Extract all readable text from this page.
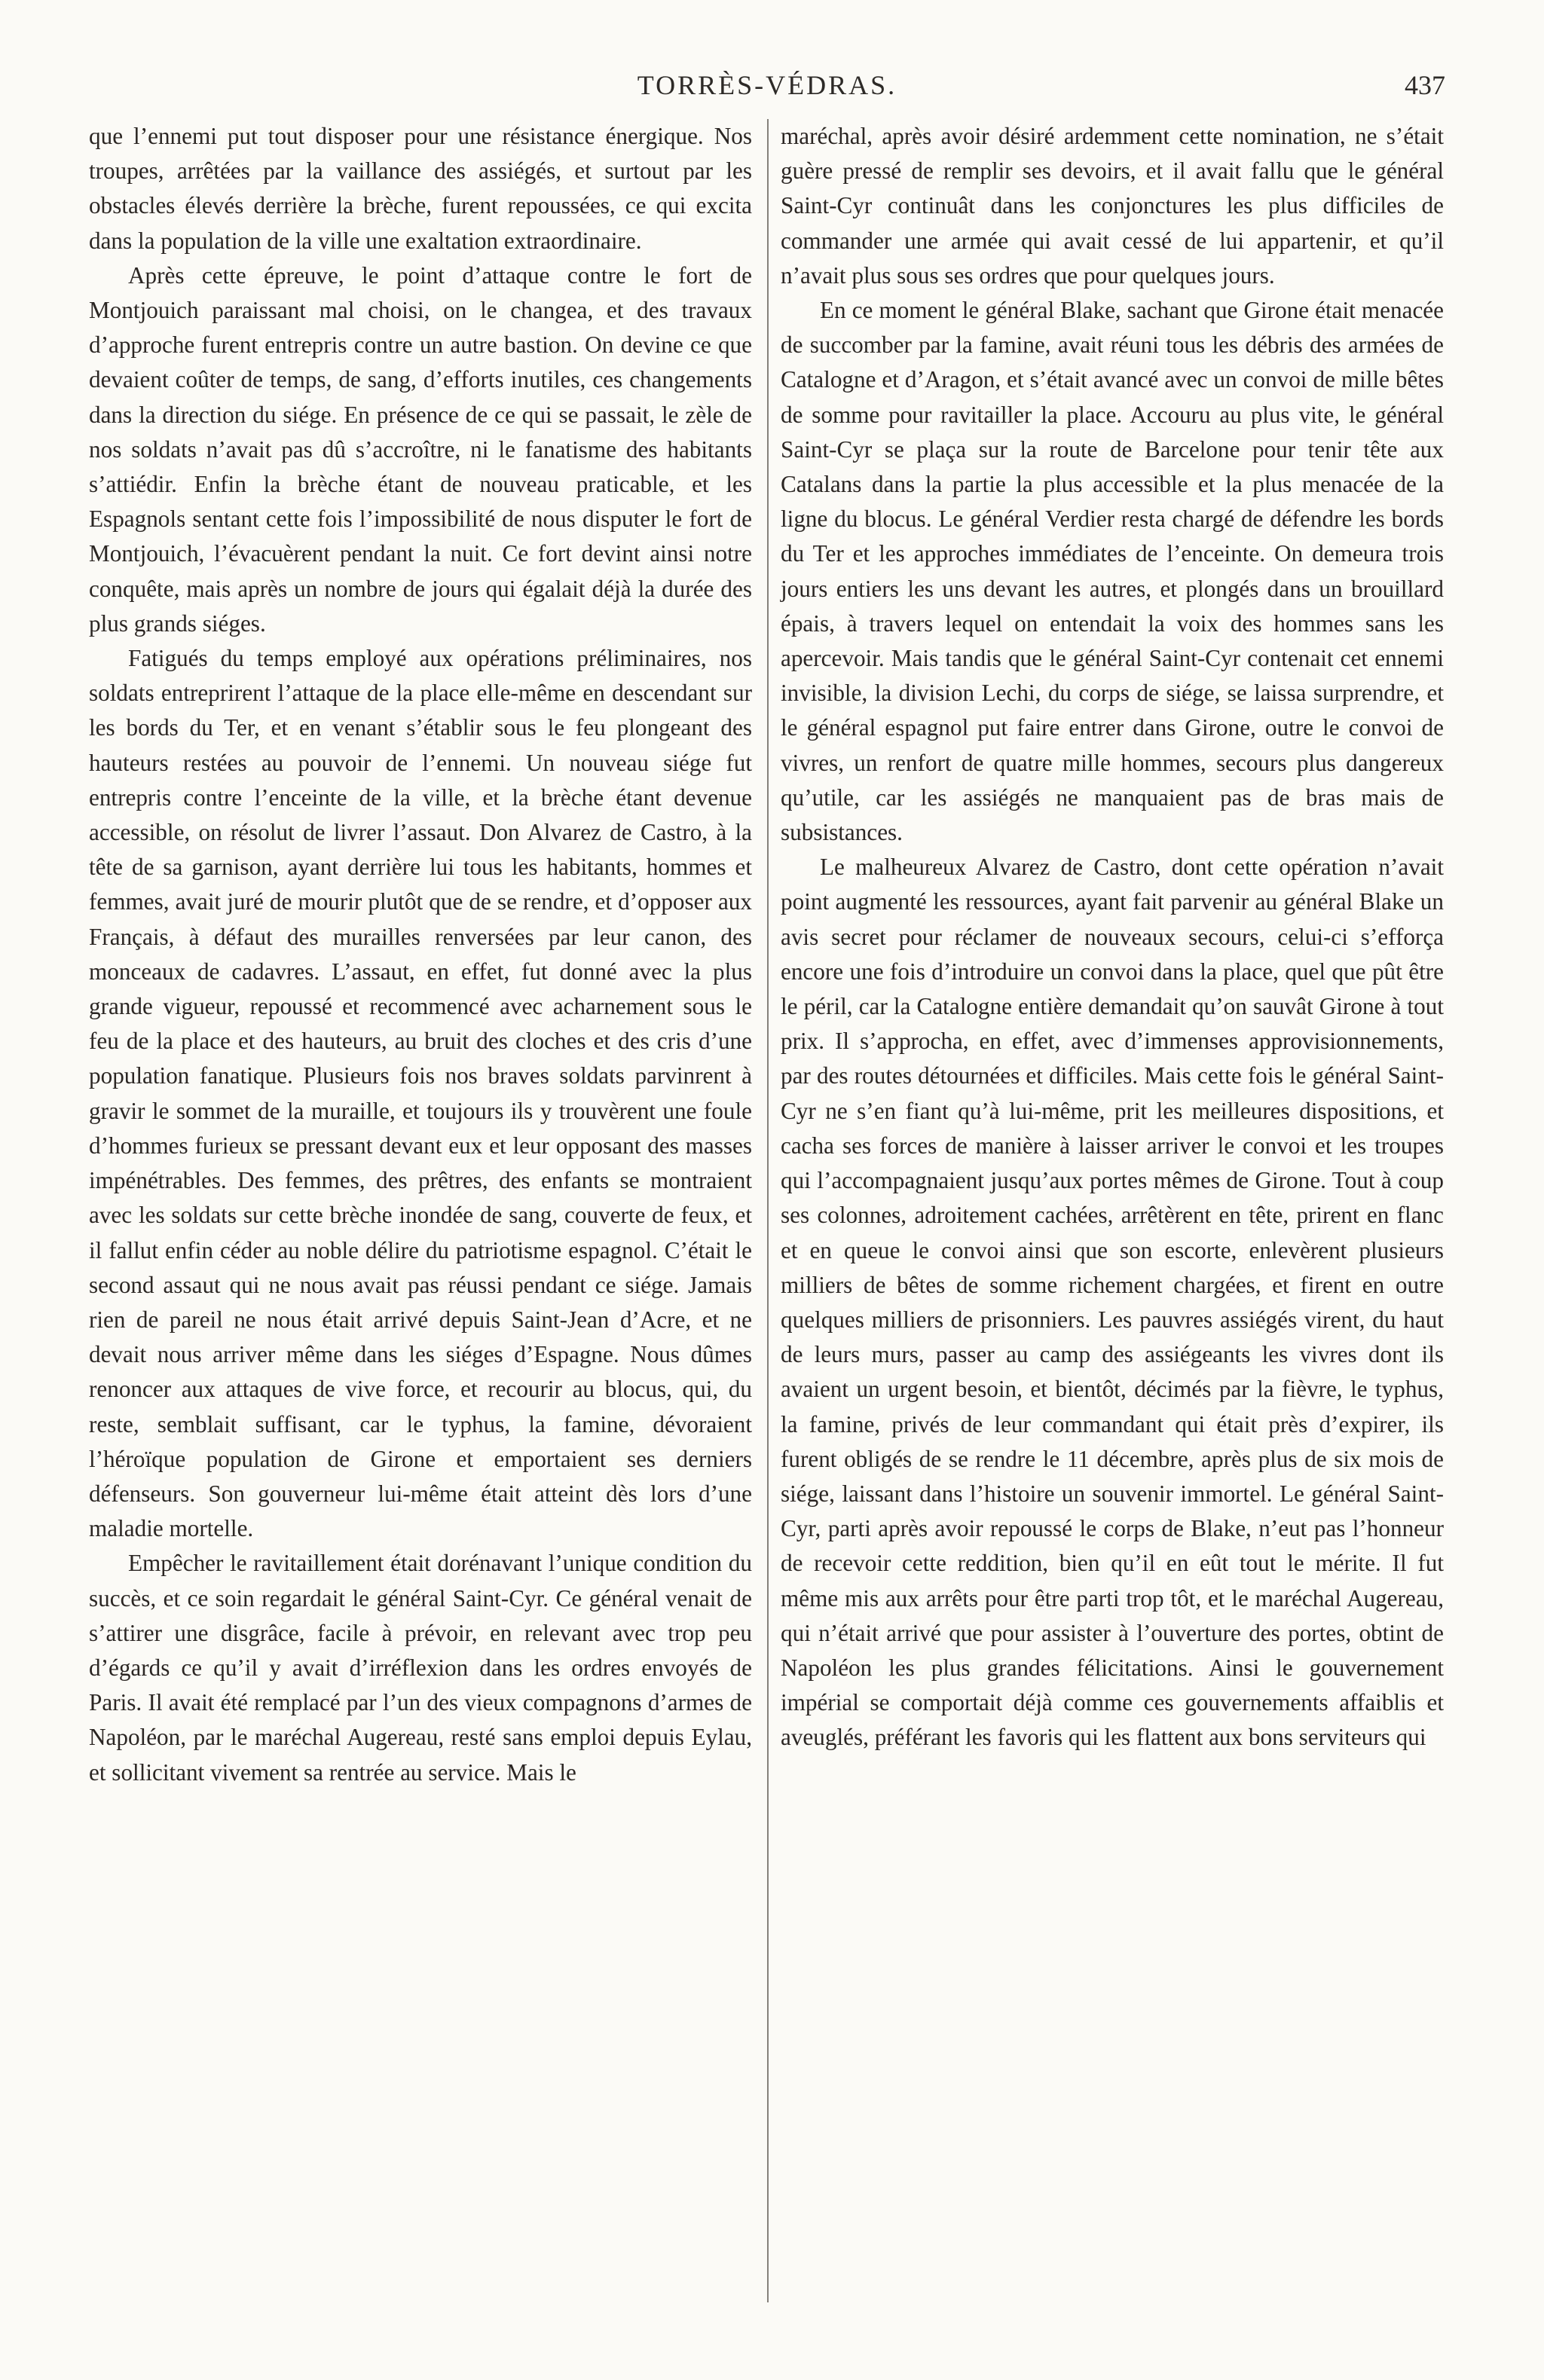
TORRÈS-VÉDRAS.	437

que l’ennemi put tout disposer pour une résistance énergique. Nos troupes, arrêtées par la vaillance des assiégés, et surtout par les obstacles élevés derrière la brèche, furent repoussées, ce qui excita dans la population de la ville une exaltation extraordinaire.

Après cette épreuve, le point d’attaque contre le fort de Montjouich paraissant mal choisi, on le changea, et des travaux d’approche furent entrepris contre un autre bastion. On devine ce que devaient coûter de temps, de sang, d’efforts inutiles, ces changements dans la direction du siége. En présence de ce qui se passait, le zèle de nos soldats n’avait pas dû s’accroître, ni le fanatisme des habitants s’attiédir. Enfin la brèche étant de nouveau praticable, et les Espagnols sentant cette fois l’impossibilité de nous disputer le fort de Montjouich, l’évacuèrent pendant la nuit. Ce fort devint ainsi notre conquête, mais après un nombre de jours qui égalait déjà la durée des plus grands siéges.

Fatigués du temps employé aux opérations préliminaires, nos soldats entreprirent l’attaque de la place elle-même en descendant sur les bords du Ter, et en venant s’établir sous le feu plongeant des hauteurs restées au pouvoir de l’ennemi. Un nouveau siége fut entrepris contre l’enceinte de la ville, et la brèche étant devenue accessible, on résolut de livrer l’assaut. Don Alvarez de Castro, à la tête de sa garnison, ayant derrière lui tous les habitants, hommes et femmes, avait juré de mourir plutôt que de se rendre, et d’opposer aux Français, à défaut des murailles renversées par leur canon, des monceaux de cadavres. L’assaut, en effet, fut donné avec la plus grande vigueur, repoussé et recommencé avec acharnement sous le feu de la place et des hauteurs, au bruit des cloches et des cris d’une population fanatique. Plusieurs fois nos braves soldats parvinrent à gravir le sommet de la muraille, et toujours ils y trouvèrent une foule d’hommes furieux se pressant devant eux et leur opposant des masses impénétrables. Des femmes, des prêtres, des enfants se montraient avec les soldats sur cette brèche inondée de sang, couverte de feux, et il fallut enfin céder au noble délire du patriotisme espagnol. C’était le second assaut qui ne nous avait pas réussi pendant ce siége. Jamais rien de pareil ne nous était arrivé depuis Saint-Jean d’Acre, et ne devait nous arriver même dans les siéges d’Espagne. Nous dûmes renoncer aux attaques de vive force, et recourir au blocus, qui, du reste, semblait suffisant, car le typhus, la famine, dévoraient l’héroïque population de Girone et emportaient ses derniers défenseurs. Son gouverneur lui-même était atteint dès lors d’une maladie mortelle.

Empêcher le ravitaillement était dorénavant l’unique condition du succès, et ce soin regardait le général Saint-Cyr. Ce général venait de s’attirer une disgrâce, facile à prévoir, en relevant avec trop peu d’égards ce qu’il y avait d’irréflexion dans les ordres envoyés de Paris. Il avait été remplacé par l’un des vieux compagnons d’armes de Napoléon, par le maréchal Augereau, resté sans emploi depuis Eylau, et sollicitant vivement sa rentrée au service. Mais le

maréchal, après avoir désiré ardemment cette nomination, ne s’était guère pressé de remplir ses devoirs, et il avait fallu que le général Saint-Cyr continuât dans les conjonctures les plus difficiles de commander une armée qui avait cessé de lui appartenir, et qu’il n’avait plus sous ses ordres que pour quelques jours.

En ce moment le général Blake, sachant que Girone était menacée de succomber par la famine, avait réuni tous les débris des armées de Catalogne et d’Aragon, et s’était avancé avec un convoi de mille bêtes de somme pour ravitailler la place. Accouru au plus vite, le général Saint-Cyr se plaça sur la route de Barcelone pour tenir tête aux Catalans dans la partie la plus accessible et la plus menacée de la ligne du blocus. Le général Verdier resta chargé de défendre les bords du Ter et les approches immédiates de l’enceinte. On demeura trois jours entiers les uns devant les autres, et plongés dans un brouillard épais, à travers lequel on entendait la voix des hommes sans les apercevoir. Mais tandis que le général Saint-Cyr contenait cet ennemi invisible, la division Lechi, du corps de siége, se laissa surprendre, et le général espagnol put faire entrer dans Girone, outre le convoi de vivres, un renfort de quatre mille hommes, secours plus dangereux qu’utile, car les assiégés ne manquaient pas de bras mais de subsistances.

Le malheureux Alvarez de Castro, dont cette opération n’avait point augmenté les ressources, ayant fait parvenir au général Blake un avis secret pour réclamer de nouveaux secours, celui-ci s’efforça encore une fois d’introduire un convoi dans la place, quel que pût être le péril, car la Catalogne entière demandait qu’on sauvât Girone à tout prix. Il s’approcha, en effet, avec d’immenses approvisionnements, par des routes détournées et difficiles. Mais cette fois le général Saint-Cyr ne s’en fiant qu’à lui-même, prit les meilleures dispositions, et cacha ses forces de manière à laisser arriver le convoi et les troupes qui l’accompagnaient jusqu’aux portes mêmes de Girone. Tout à coup ses colonnes, adroitement cachées, arrêtèrent en tête, prirent en flanc et en queue le convoi ainsi que son escorte, enlevèrent plusieurs milliers de bêtes de somme richement chargées, et firent en outre quelques milliers de prisonniers. Les pauvres assiégés virent, du haut de leurs murs, passer au camp des assiégeants les vivres dont ils avaient un urgent besoin, et bientôt, décimés par la fièvre, le typhus, la famine, privés de leur commandant qui était près d’expirer, ils furent obligés de se rendre le 11 décembre, après plus de six mois de siége, laissant dans l’histoire un souvenir immortel. Le général Saint-Cyr, parti après avoir repoussé le corps de Blake, n’eut pas l’honneur de recevoir cette reddition, bien qu’il en eût tout le mérite. Il fut même mis aux arrêts pour être parti trop tôt, et le maréchal Augereau, qui n’était arrivé que pour assister à l’ouverture des portes, obtint de Napoléon les plus grandes félicitations. Ainsi le gouvernement impérial se comportait déjà comme ces gouvernements affaiblis et aveuglés, préférant les favoris qui les flattent aux bons serviteurs qui
